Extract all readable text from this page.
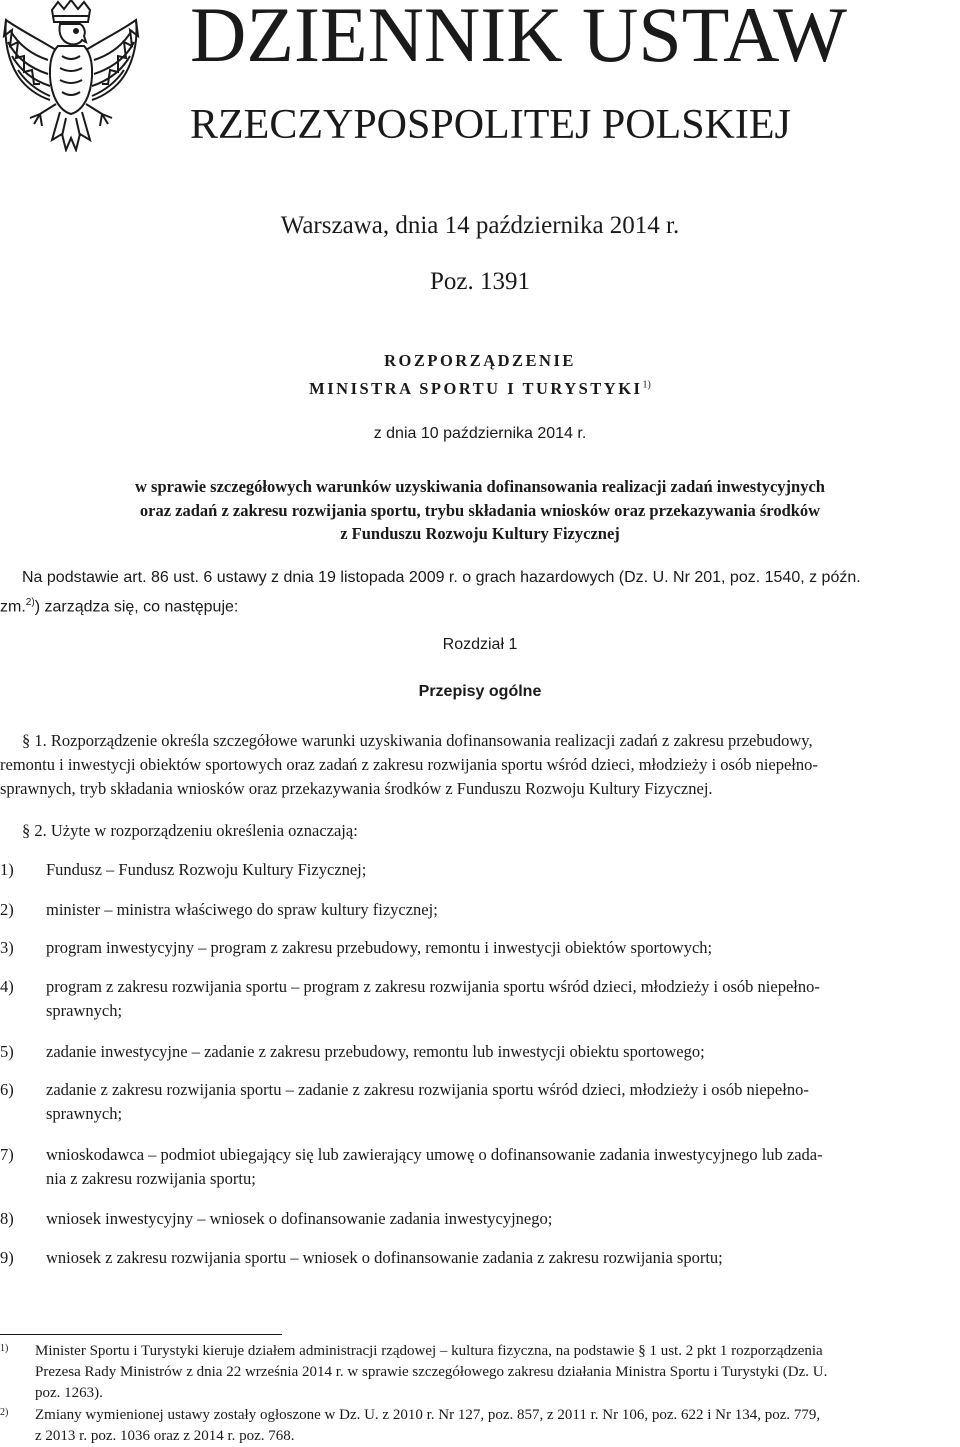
DZIENNIK USTAW
RZECZYPOSPOLITEJ POLSKIEJ
Warszawa, dnia 14 października 2014 r.
Poz. 1391
ROZPORZĄDZENIE
MINISTRA SPORTU I TURYSTYKI$^{1)}$
z dnia 10 października 2014 r.
w sprawie szczegółowych warunków uzyskiwania dofinansowania realizacji zadań inwestycyjnych
oraz zadań z zakresu rozwijania sportu, trybu składania wniosków oraz przekazywania środków
z Funduszu Rozwoju Kultury Fizycznej
Na podstawie art. 86 ust. 6 ustawy z dnia 19 listopada 2009 r. o grach hazardowych (Dz. U. Nr 201, poz. 1540, z późn.
zm.$^{2)}$) zarządza się, co następuje:
Rozdział 1
Przepisy ogólne
§ 1. Rozporządzenie określa szczegółowe warunki uzyskiwania dofinansowania realizacji zadań z zakresu przebudowy,
remontu i inwestycji obiektów sportowych oraz zadań z zakresu rozwijania sportu wśród dzieci, młodzieży i osób niepełno-
sprawnych, tryb składania wniosków oraz przekazywania środków z Funduszu Rozwoju Kultury Fizycznej.
§ 2. Użyte w rozporządzeniu określenia oznaczają:
1) Fundusz – Fundusz Rozwoju Kultury Fizycznej;
2) minister – ministra właściwego do spraw kultury fizycznej;
3) program inwestycyjny – program z zakresu przebudowy, remontu i inwestycji obiektów sportowych;
4) program z zakresu rozwijania sportu – program z zakresu rozwijania sportu wśród dzieci, młodzieży i osób niepełno-
sprawnych;
5) zadanie inwestycyjne – zadanie z zakresu przebudowy, remontu lub inwestycji obiektu sportowego;
6) zadanie z zakresu rozwijania sportu – zadanie z zakresu rozwijania sportu wśród dzieci, młodzieży i osób niepełno-
sprawnych;
7) wnioskodawca – podmiot ubiegający się lub zawierający umowę o dofinansowanie zadania inwestycyjnego lub zada-
nia z zakresu rozwijania sportu;
8) wniosek inwestycyjny – wniosek o dofinansowanie zadania inwestycyjnego;
9) wniosek z zakresu rozwijania sportu – wniosek o dofinansowanie zadania z zakresu rozwijania sportu;
1) Minister Sportu i Turystyki kieruje działem administracji rządowej – kultura fizyczna, na podstawie § 1 ust. 2 pkt 1 rozporządzenia
Prezesa Rady Ministrów z dnia 22 września 2014 r. w sprawie szczegółowego zakresu działania Ministra Sportu i Turystyki (Dz. U.
poz. 1263).
2) Zmiany wymienionej ustawy zostały ogłoszone w Dz. U. z 2010 r. Nr 127, poz. 857, z 2011 r. Nr 106, poz. 622 i Nr 134, poz. 779,
z 2013 r. poz. 1036 oraz z 2014 r. poz. 768.
